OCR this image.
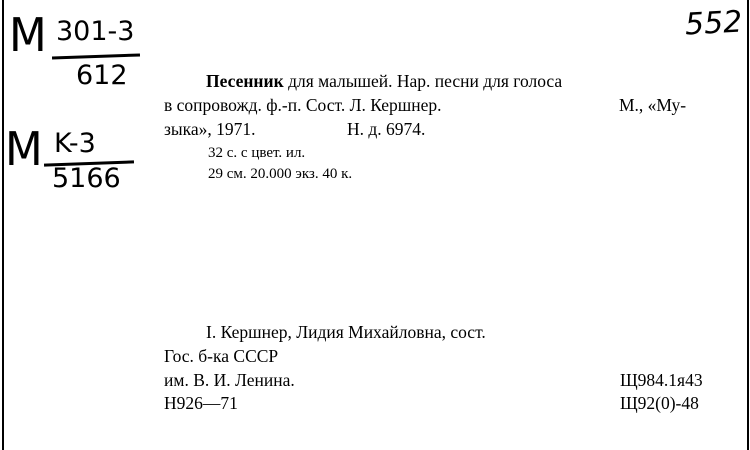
M 301-3
612
M K-3
5166
552
Песенник для малышей. Нар. песни для голоса
в сопровожд. ф.-п. Сост. Л. Кершнер.	М., «Му-
зыка», 1971.	Н. д. 6974.
32 с. с цвет. ил.
29 см. 20.000 экз. 40 к.
I. Кершнер, Лидия Михайловна, сост.
Гос. б-ка СССР
им. В. И. Ленина.
Н926—71
Щ984.1я43
Щ92(0)-48
